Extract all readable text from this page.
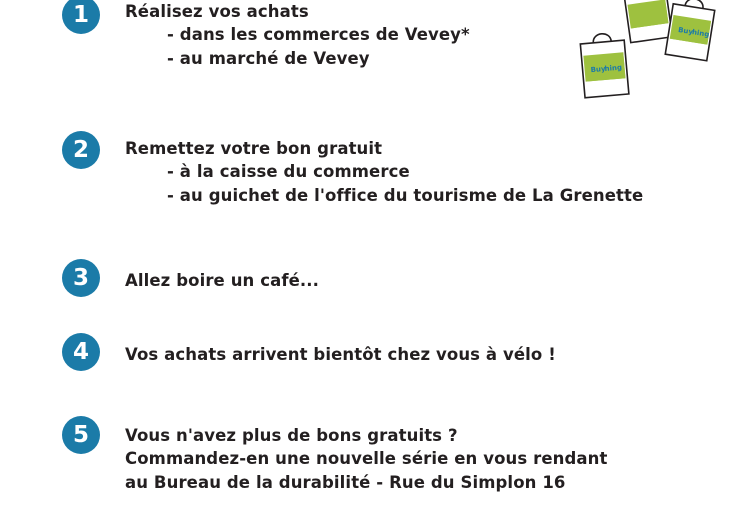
Buy
hing
Buy
hing
1	Réalisez vos achats
- dans les commerces de Vevey*
- au marché de Vevey
2	Remettez votre bon gratuit
- à la caisse du commerce
- au guichet de l'office du tourisme de La Grenette
3	Allez boire un café...
4	Vos achats arrivent bientôt chez vous à vélo !
5	Vous n'avez plus de bons gratuits ?
Commandez-en une nouvelle série en vous rendant
au Bureau de la durabilité - Rue du Simplon 16
